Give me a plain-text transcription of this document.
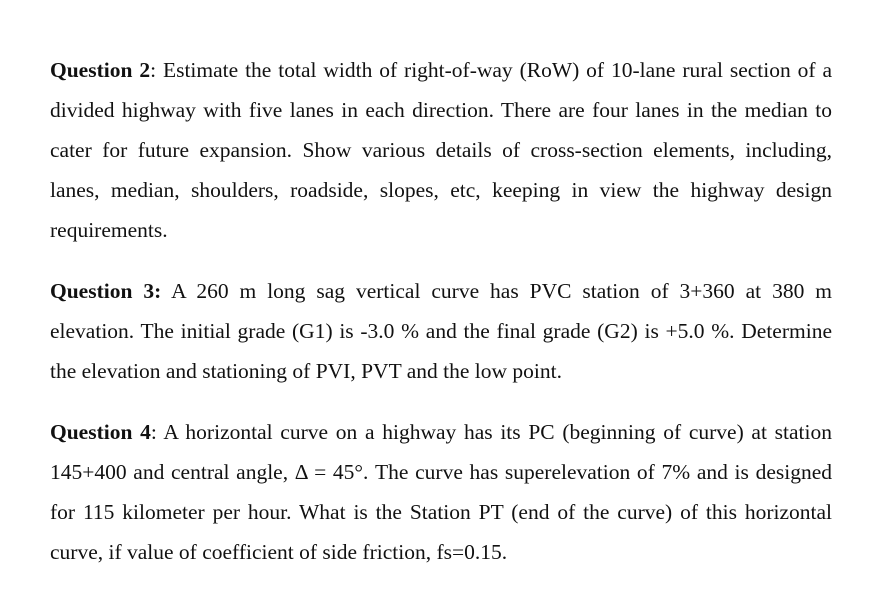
Question 2: Estimate the total width of right-of-way (RoW) of 10-lane rural section of a divided highway with five lanes in each direction. There are four lanes in the median to cater for future expansion. Show various details of cross-section elements, including, lanes, median, shoulders, roadside, slopes, etc, keeping in view the highway design requirements.

Question 3: A 260 m long sag vertical curve has PVC station of 3+360 at 380 m elevation. The initial grade (G1) is -3.0 % and the final grade (G2) is +5.0 %. Determine the elevation and stationing of PVI, PVT and the low point.

Question 4: A horizontal curve on a highway has its PC (beginning of curve) at station 145+400 and central angle, Δ = 45°. The curve has superelevation of 7% and is designed for 115 kilometer per hour. What is the Station PT (end of the curve) of this horizontal curve, if value of coefficient of side friction, fs=0.15.
